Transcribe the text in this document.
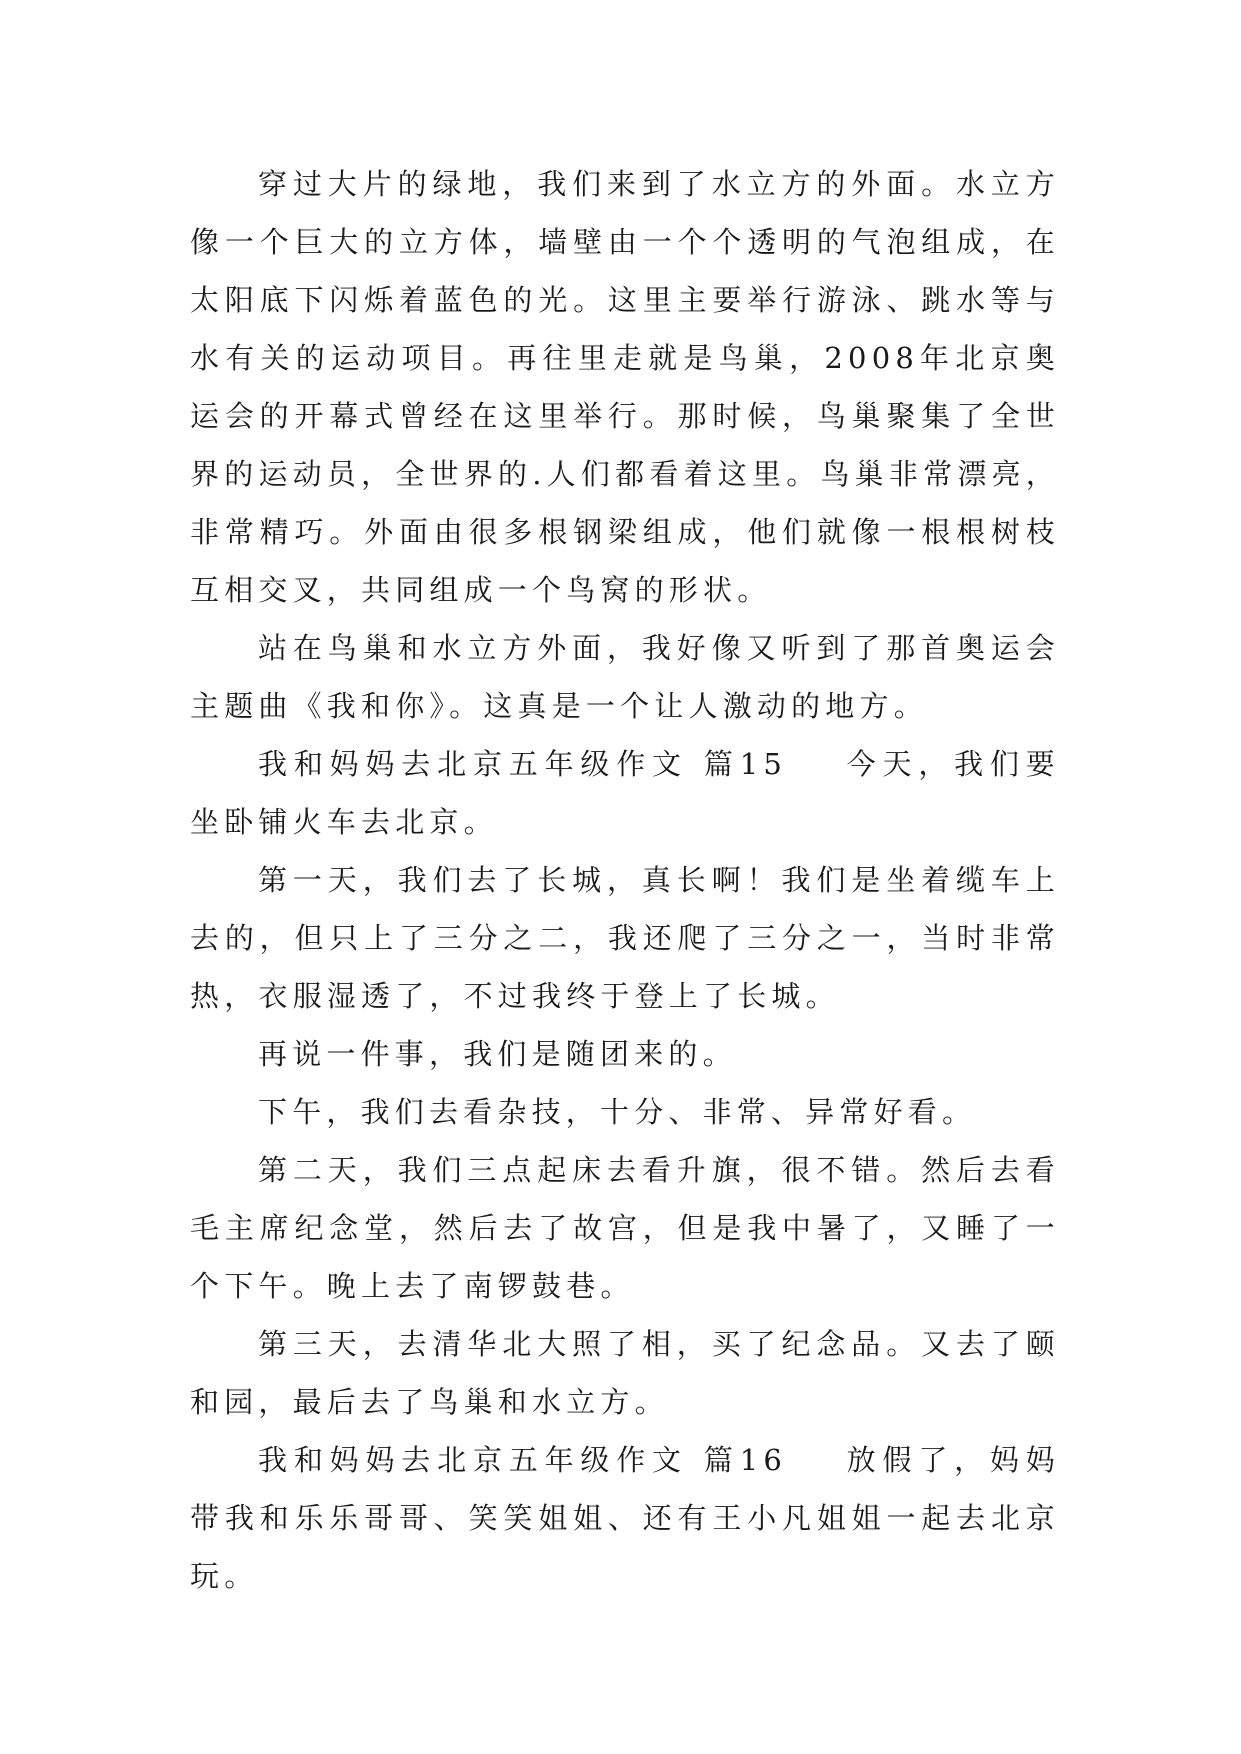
穿过大片的绿地，我们来到了水立方的外面。水立方像一个巨大的立方体，墙壁由一个个透明的气泡组成，在太阳底下闪烁着蓝色的光。这里主要举行游泳、跳水等与水有关的运动项目。再往里走就是鸟巢，2008年北京奥运会的开幕式曾经在这里举行。那时候，鸟巢聚集了全世界的运动员，全世界的.人们都看着这里。鸟巢非常漂亮，非常精巧。外面由很多根钢梁组成，他们就像一根根树枝互相交叉，共同组成一个鸟窝的形状。

站在鸟巢和水立方外面，我好像又听到了那首奥运会主题曲《我和你》。这真是一个让人激动的地方。

我和妈妈去北京五年级作文 篇15 今天，我们要坐卧铺火车去北京。

第一天，我们去了长城，真长啊！我们是坐着缆车上去的，但只上了三分之二，我还爬了三分之一，当时非常热，衣服湿透了，不过我终于登上了长城。

再说一件事，我们是随团来的。

下午，我们去看杂技，十分、非常、异常好看。

第二天，我们三点起床去看升旗，很不错。然后去看毛主席纪念堂，然后去了故宫，但是我中暑了，又睡了一个下午。晚上去了南锣鼓巷。

第三天，去清华北大照了相，买了纪念品。又去了颐和园，最后去了鸟巢和水立方。

我和妈妈去北京五年级作文 篇16 放假了，妈妈带我和乐乐哥哥、笑笑姐姐、还有王小凡姐姐一起去北京玩。
